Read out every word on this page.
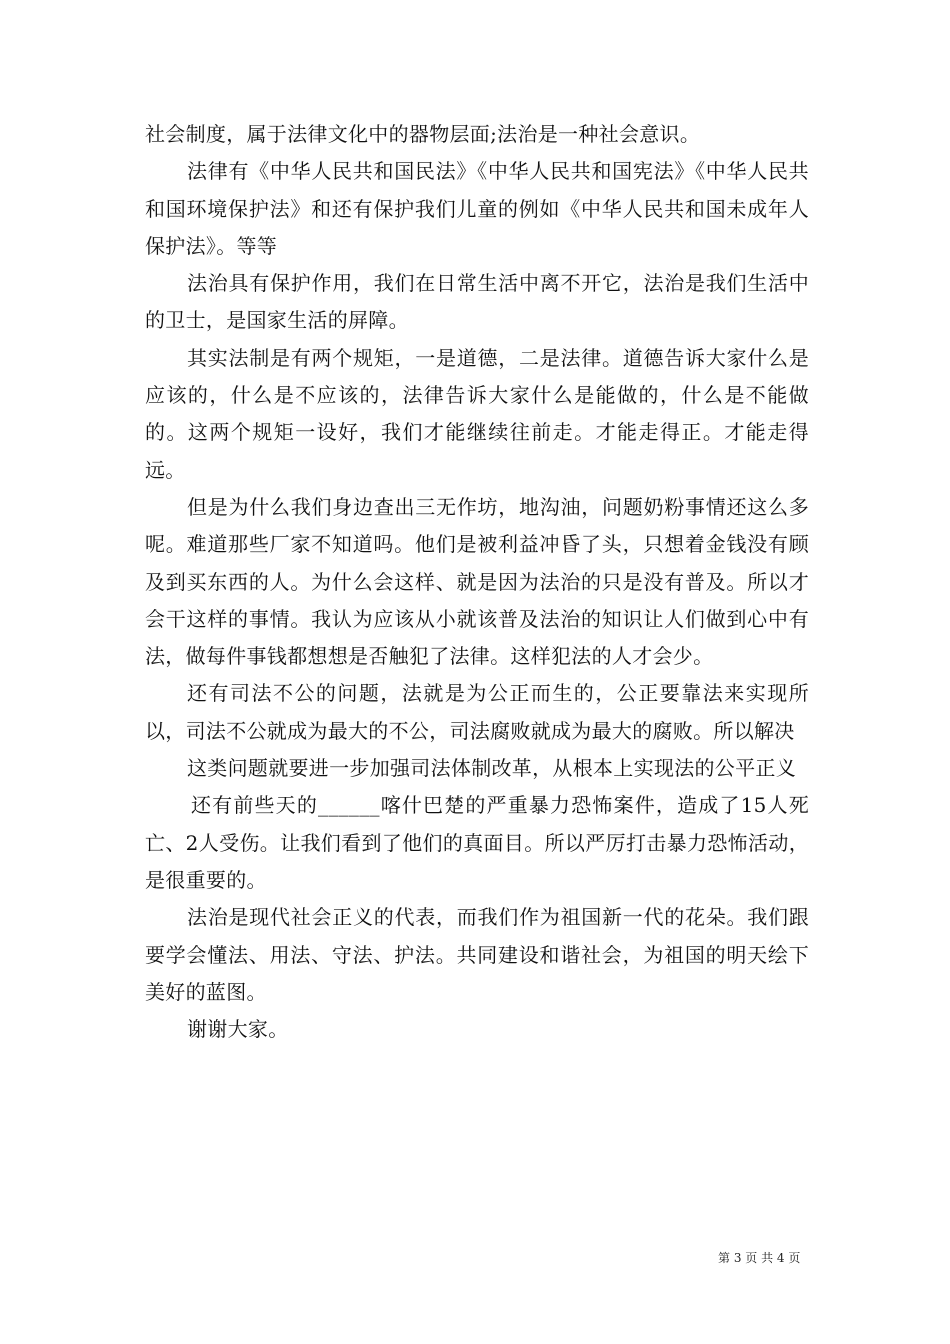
社会制度，属于法律文化中的器物层面;法治是一种社会意识。

法律有《中华人民共和国民法》《中华人民共和国宪法》《中华人民共和国环境保护法》和还有保护我们儿童的例如《中华人民共和国未成年人保护法》。等等

法治具有保护作用，我们在日常生活中离不开它，法治是我们生活中的卫士，是国家生活的屏障。

其实法制是有两个规矩，一是道德，二是法律。道德告诉大家什么是应该的，什么是不应该的，法律告诉大家什么是能做的，什么是不能做的。这两个规矩一设好，我们才能继续往前走。才能走得正。才能走得远。

但是为什么我们身边查出三无作坊，地沟油，问题奶粉事情还这么多呢。难道那些厂家不知道吗。他们是被利益冲昏了头，只想着金钱没有顾及到买东西的人。为什么会这样、就是因为法治的只是没有普及。所以才会干这样的事情。我认为应该从小就该普及法治的知识让人们做到心中有法，做每件事钱都想想是否触犯了法律。这样犯法的人才会少。

还有司法不公的问题，法就是为公正而生的，公正要靠法来实现所以，司法不公就成为最大的不公，司法腐败就成为最大的腐败。所以解决

这类问题就要进一步加强司法体制改革，从根本上实现法的公平正义

还有前些天的______喀什巴楚的严重暴力恐怖案件，造成了15人死亡、2人受伤。让我们看到了他们的真面目。所以严厉打击暴力恐怖活动，是很重要的。

法治是现代社会正义的代表，而我们作为祖国新一代的花朵。我们跟要学会懂法、用法、守法、护法。共同建设和谐社会，为祖国的明天绘下美好的蓝图。

谢谢大家。

第 3 页 共 4 页
